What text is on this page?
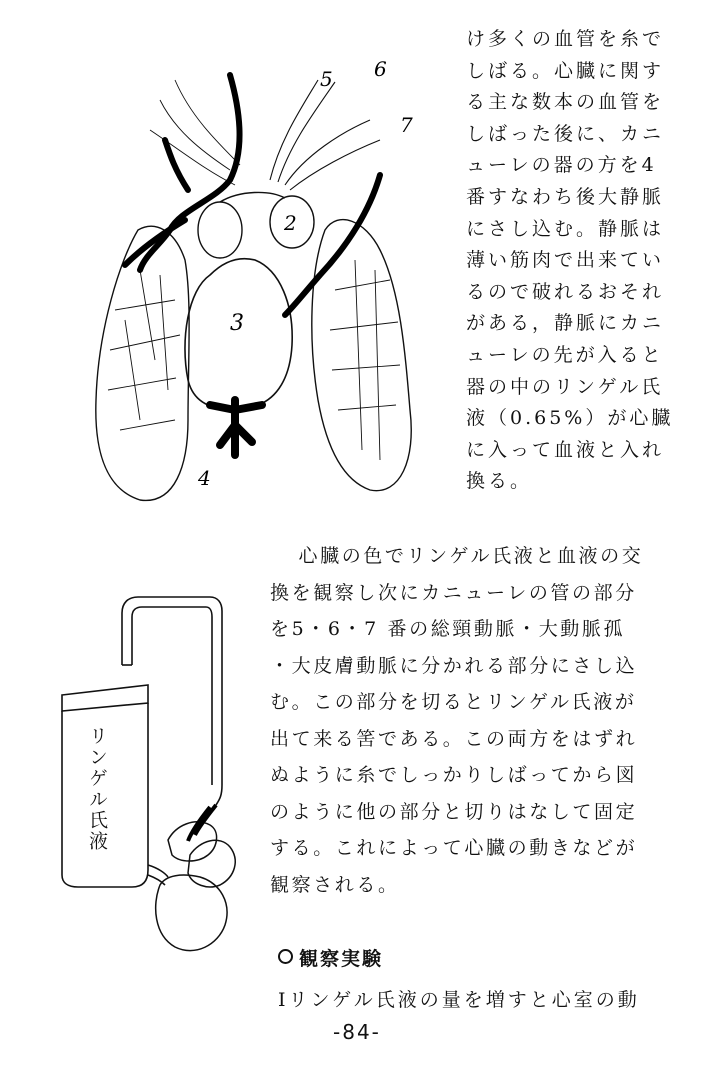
5 6
7
2
3
4

け多くの血管を糸で

しばる。心臓に関す

る主な数本の血管を

しばった後に、カニ

ューレの器の方を4

番すなわち後大静脈

にさし込む。静脈は

薄い筋肉で出来てい

るので破れるおそれ

がある，静脈にカニ

ューレの先が入ると

器の中のリンゲル氏

液（0.65%）が心臓

に入って血液と入れ

換る。

リンゲル氏液

心臓の色でリンゲル氏液と血液の交

換を観察し次にカニューレの管の部分

を5・6・7 番の総頸動脈・大動脈孤

・大皮膚動脈に分かれる部分にさし込

む。この部分を切るとリンゲル氏液が

出て来る筈である。この両方をはずれ

ぬように糸でしっかりしばってから図

のように他の部分と切りはなして固定

する。これによって心臓の動きなどが

観察される。

観察実験
Ⅰリンゲル氏液の量を増すと心室の動
-84-
